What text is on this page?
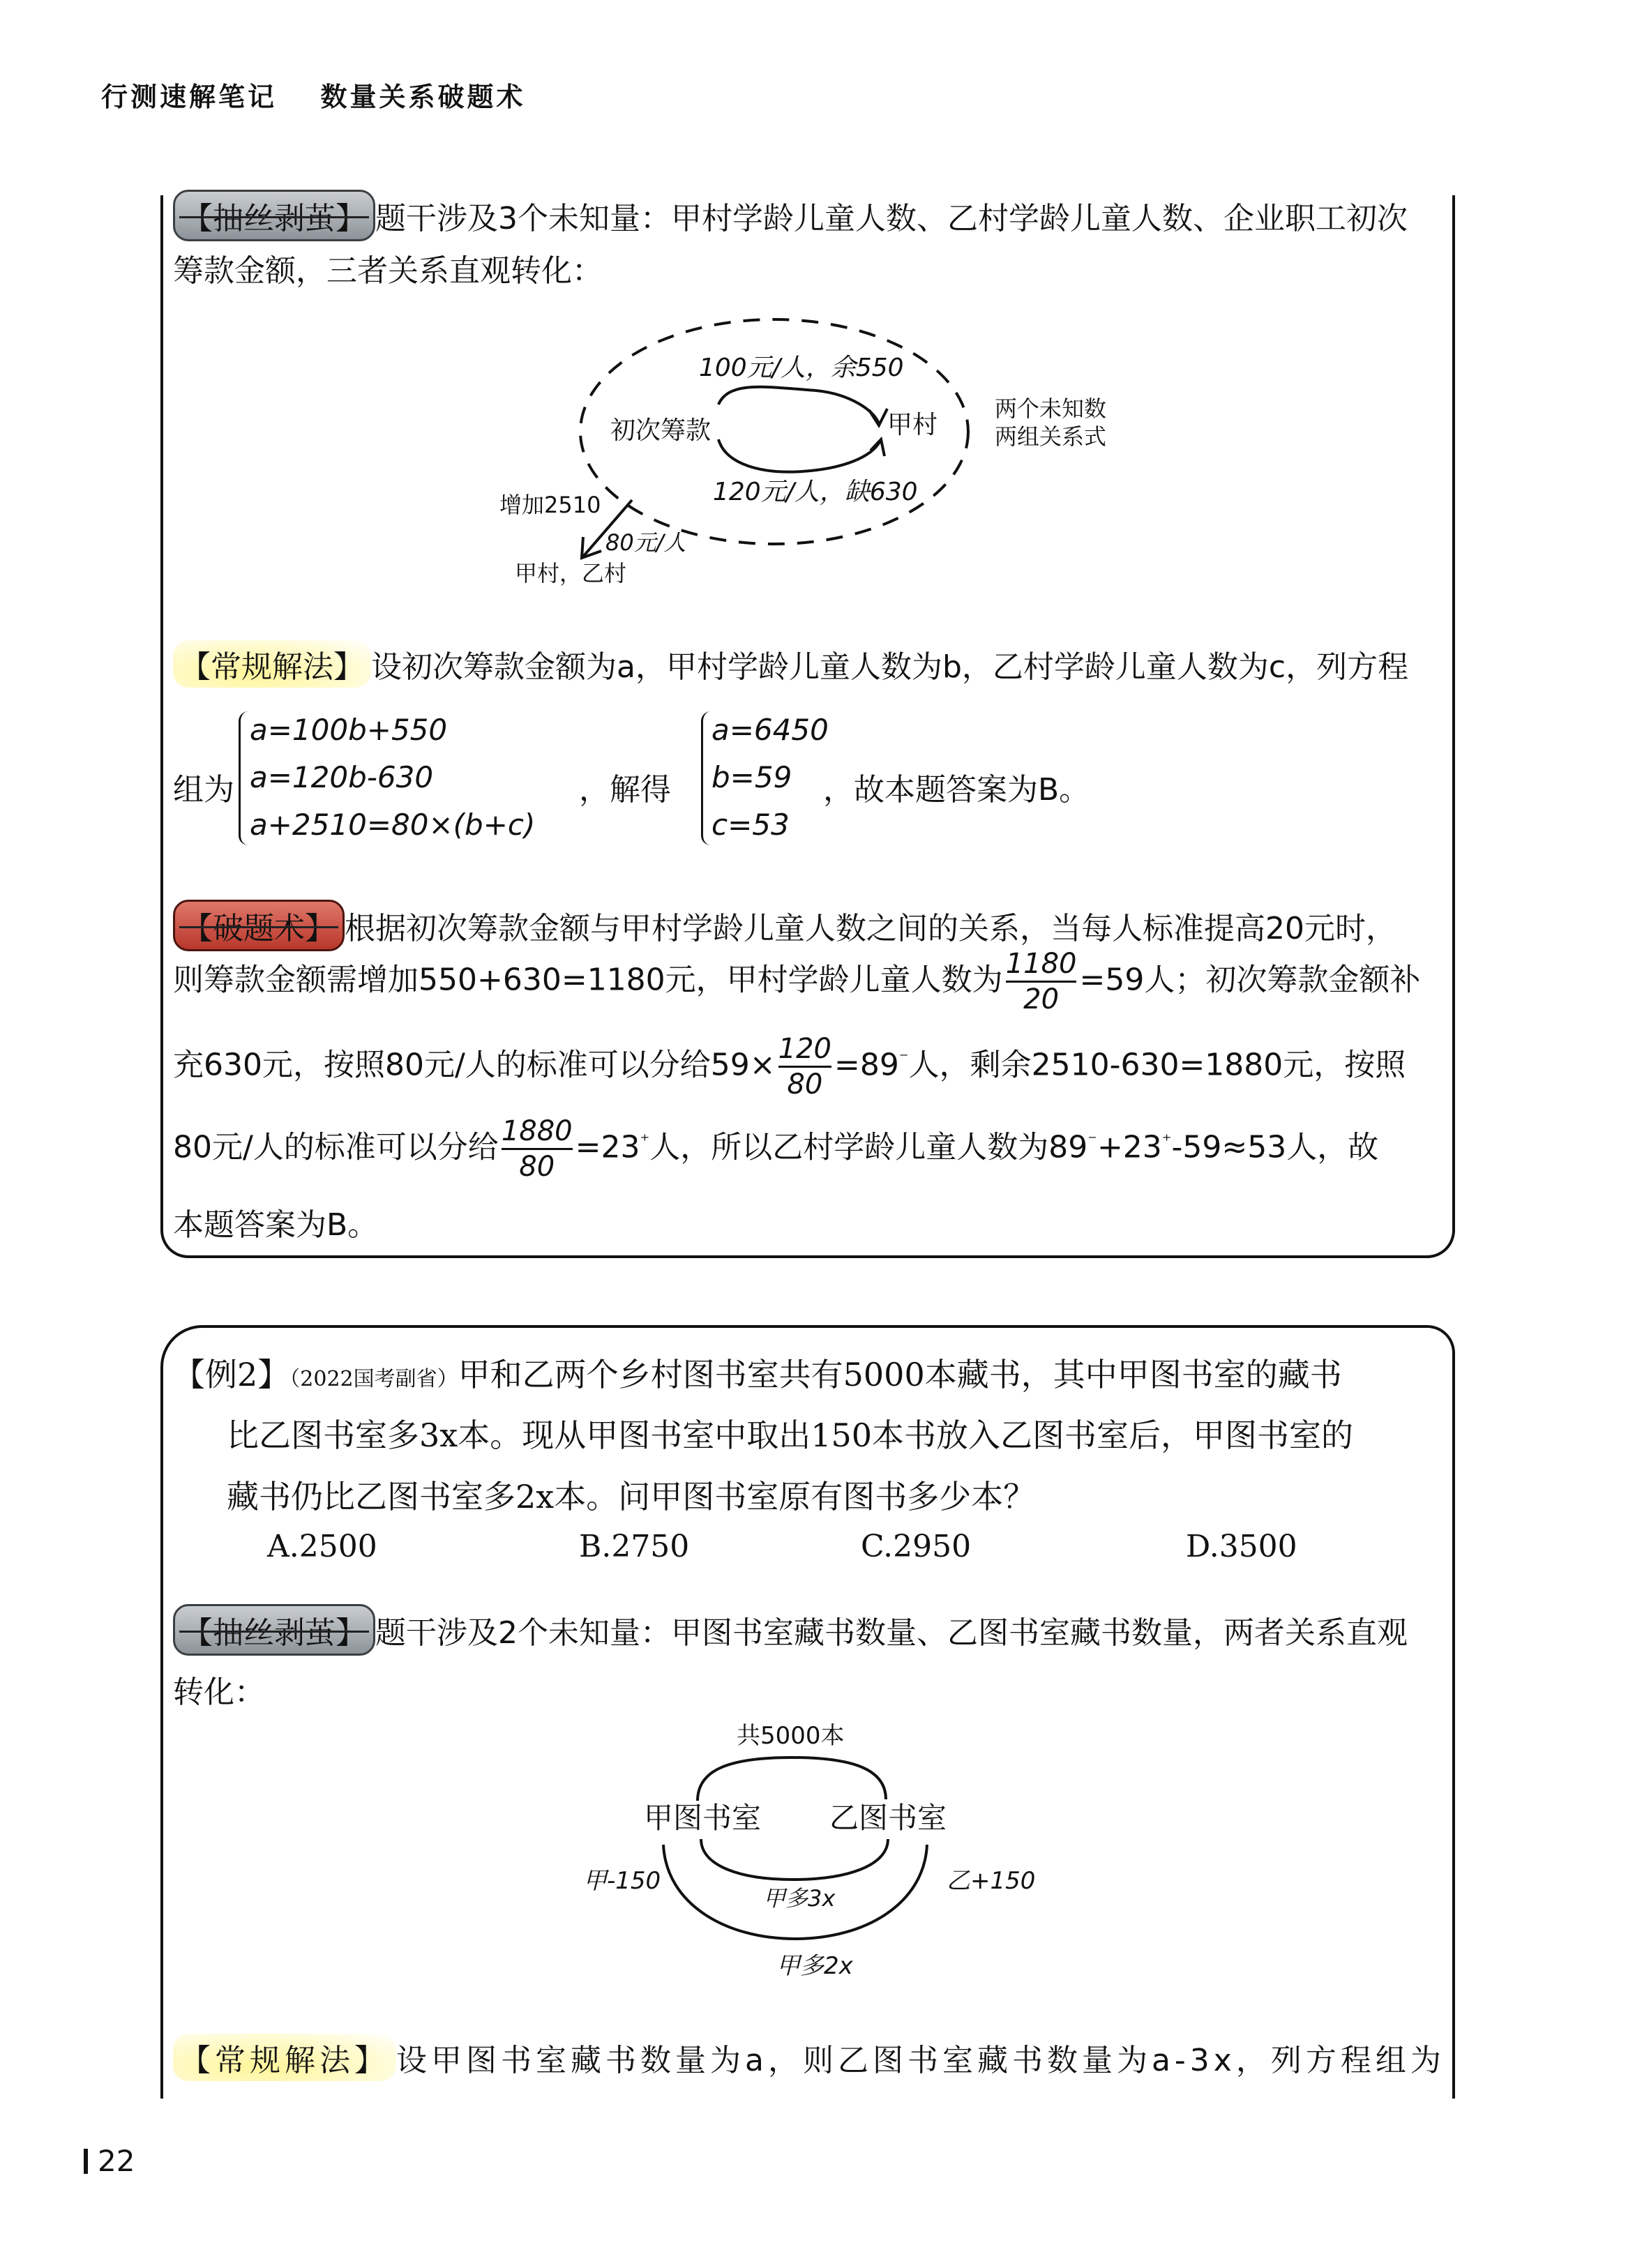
行测速解笔记 数量关系破题术
【抽丝剥茧】 题干涉及3个未知量：甲村学龄儿童人数、乙村学龄儿童人数、企业职工初次
筹款金额，三者关系直观转化：
100元/人，余550
初次筹款	甲村
120元/人，缺630
两个未知数
两组关系式
增加2510
80元/人
甲村，乙村
【常规解法】 设初次筹款金额为a，甲村学龄儿童人数为b，乙村学龄儿童人数为c，列方程
组为
a=100b+550
a=120b-630
a+2510=80×(b+c)
，解得
a=6450
b=59
c=53
，故本题答案为B。
【破题术】 根据初次筹款金额与甲村学龄儿童人数之间的关系，当每人标准提高20元时，
则筹款金额需增加550+630=1180元，甲村学龄儿童人数为 $\frac{1180}{20} =59$人；初次筹款金额补
充630元，按照80元/人的标准可以分给$59\times \frac{120}{80} =89^{^-}$人，剩余2510-630=1880元，按照
80元/人的标准可以分给 $\frac{1880}{80} =23^{^+}$人，所以乙村学龄儿童人数为89⁻+23⁺-59≈53人，故
本题答案为B。
【例2】（2022国考副省）甲和乙两个乡村图书室共有5000本藏书，其中甲图书室的藏书
比乙图书室多3x本。现从甲图书室中取出150本书放入乙图书室后，甲图书室的
藏书仍比乙图书室多2x本。问甲图书室原有图书多少本？
A.2500	B.2750	C.2950	D.3500
【抽丝剥茧】 题干涉及2个未知量：甲图书室藏书数量、乙图书室藏书数量，两者关系直观
转化：
共5000本
甲图书室 乙图书室
甲-150	乙+150
甲多3x
甲多2x
【常规解法】 设甲图书室藏书数量为a，则乙图书室藏书数量为a-3x，列方程组为
22
